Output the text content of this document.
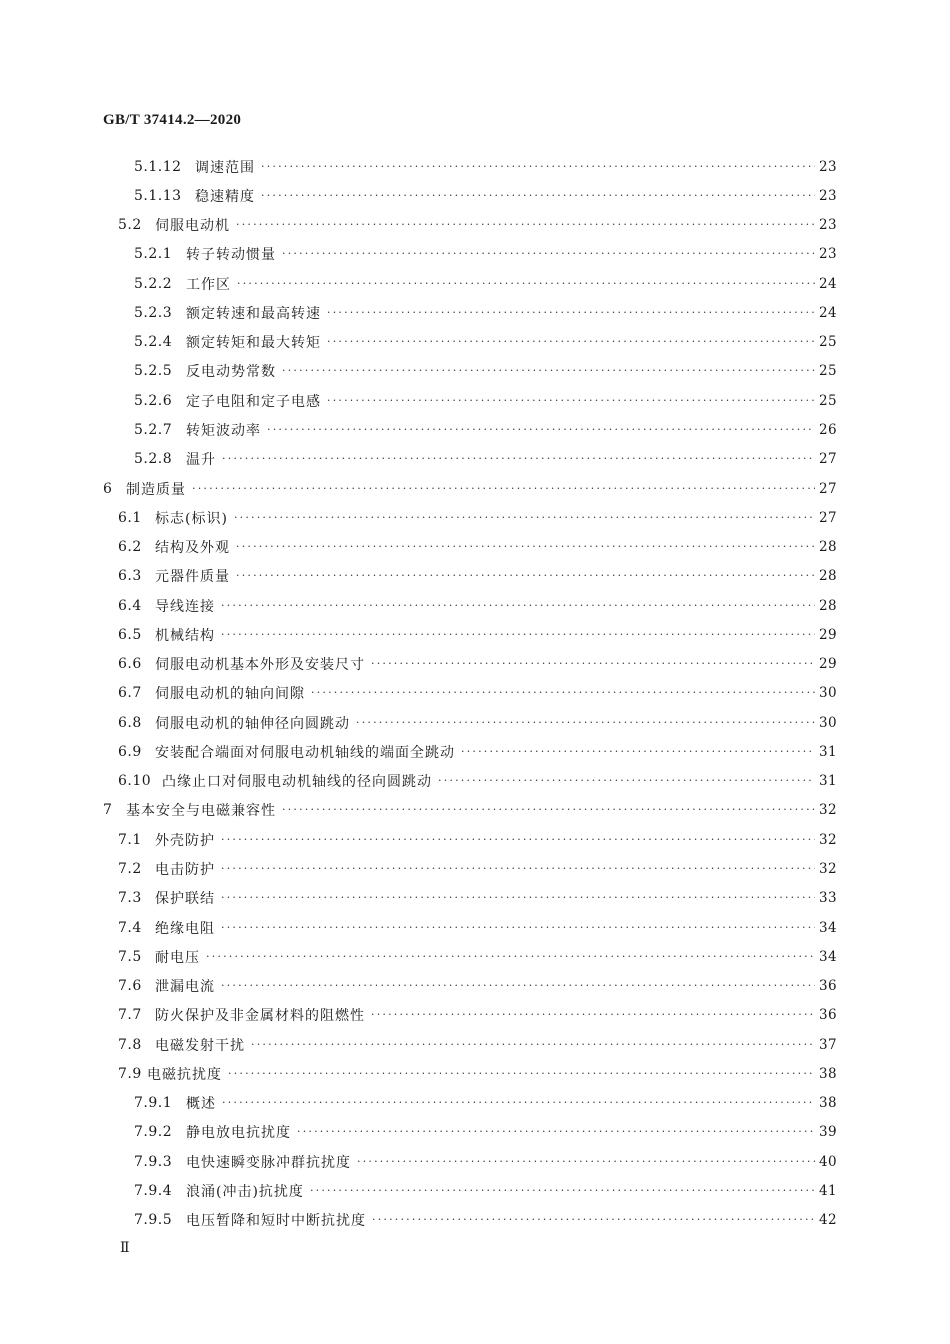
GB/T 37414.2—2020
5.1.12 调速范围 ·····	23
5.1.13 稳速精度 ·····	23
5.2 伺服电动机 ·····	23
5.2.1 转子转动惯量 ·····	23
5.2.2 工作区 ·····	24
5.2.3 额定转速和最高转速 ·····	24
5.2.4 额定转矩和最大转矩 ·····	25
5.2.5 反电动势常数 ·····	25
5.2.6 定子电阻和定子电感 ·····	25
5.2.7 转矩波动率 ·····	26
5.2.8 温升 ·····	27
6 制造质量 ·····	27
6.1 标志(标识) ·····	27
6.2 结构及外观 ·····	28
6.3 元器件质量 ·····	28
6.4 导线连接 ·····	28
6.5 机械结构 ·····	29
6.6 伺服电动机基本外形及安装尺寸 ·····	29
6.7 伺服电动机的轴向间隙 ·····	30
6.8 伺服电动机的轴伸径向圆跳动 ·····	30
6.9 安装配合端面对伺服电动机轴线的端面全跳动 ·····	31
6.10 凸缘止口对伺服电动机轴线的径向圆跳动 ·····	31
7 基本安全与电磁兼容性 ·····	32
7.1 外壳防护 ·····	32
7.2 电击防护 ·····	32
7.3 保护联结 ·····	33
7.4 绝缘电阻 ·····	34
7.5 耐电压 ·····	34
7.6 泄漏电流 ·····	36
7.7 防火保护及非金属材料的阻燃性 ·····	36
7.8 电磁发射干扰 ·····	37
7.9 电磁抗扰度 ·····	38
7.9.1 概述 ·····	38
7.9.2 静电放电抗扰度 ·····	39
7.9.3 电快速瞬变脉冲群抗扰度 ·····	40
7.9.4 浪涌(冲击)抗扰度 ·····	41
7.9.5 电压暂降和短时中断抗扰度 ·····	42
Ⅱ
